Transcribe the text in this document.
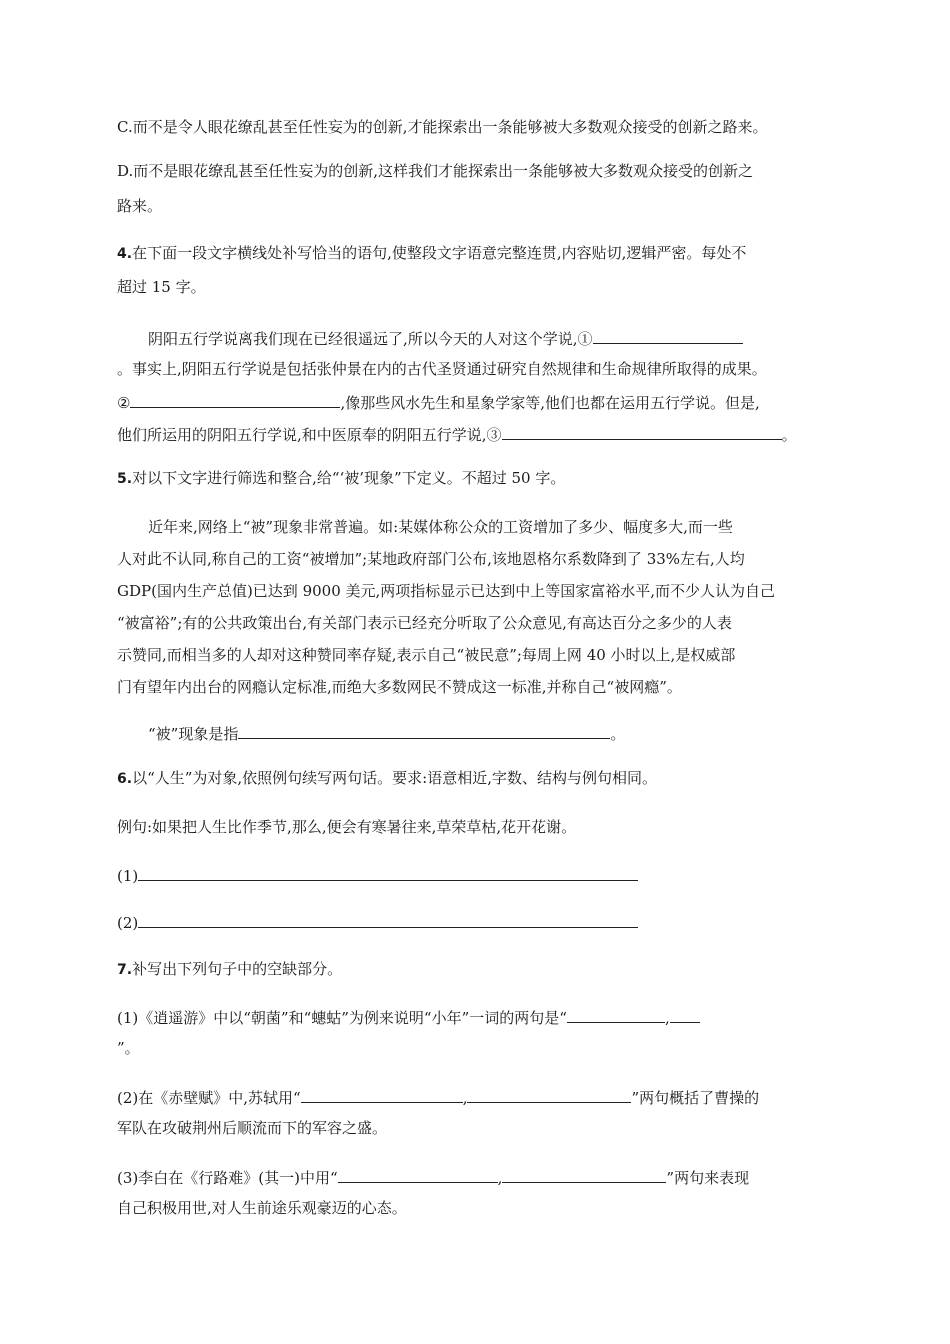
C.而不是令人眼花缭乱甚至任性妄为的创新,才能探索出一条能够被大多数观众接受的创新之路来。
D.而不是眼花缭乱甚至任性妄为的创新,这样我们才能探索出一条能够被大多数观众接受的创新之
路来。
4.在下面一段文字横线处补写恰当的语句,使整段文字语意完整连贯,内容贴切,逻辑严密。每处不
超过 15 字。
阴阳五行学说离我们现在已经很遥远了,所以今天的人对这个学说,①
。事实上,阴阳五行学说是包括张仲景在内的古代圣贤通过研究自然规律和生命规律所取得的成果。
②	,像那些风水先生和星象学家等,他们也都在运用五行学说。但是,
他们所运用的阴阳五行学说,和中医原奉的阴阳五行学说,③	。
5.对以下文字进行筛选和整合,给“‘被’现象”下定义。不超过 50 字。
近年来,网络上“被”现象非常普遍。如:某媒体称公众的工资增加了多少、幅度多大,而一些
人对此不认同,称自己的工资“被增加”;某地政府部门公布,该地恩格尔系数降到了 33%左右,人均
GDP(国内生产总值)已达到 9000 美元,两项指标显示已达到中上等国家富裕水平,而不少人认为自己
“被富裕”;有的公共政策出台,有关部门表示已经充分听取了公众意见,有高达百分之多少的人表
示赞同,而相当多的人却对这种赞同率存疑,表示自己“被民意”;每周上网 40 小时以上,是权威部
门有望年内出台的网瘾认定标准,而绝大多数网民不赞成这一标准,并称自己“被网瘾”。
“被”现象是指	。
6.以“人生”为对象,依照例句续写两句话。要求:语意相近,字数、结构与例句相同。
例句:如果把人生比作季节,那么,便会有寒暑往来,草荣草枯,花开花谢。
(1)
(2)
7.补写出下列句子中的空缺部分。
(1)《逍遥游》中以“朝菌”和“蟪蛄”为例来说明“小年”一词的两句是“	,
”。
(2)在《赤壁赋》中,苏轼用“	,	”两句概括了曹操的
军队在攻破荆州后顺流而下的军容之盛。
(3)李白在《行路难》(其一)中用“	,	”两句来表现
自己积极用世,对人生前途乐观豪迈的心态。
